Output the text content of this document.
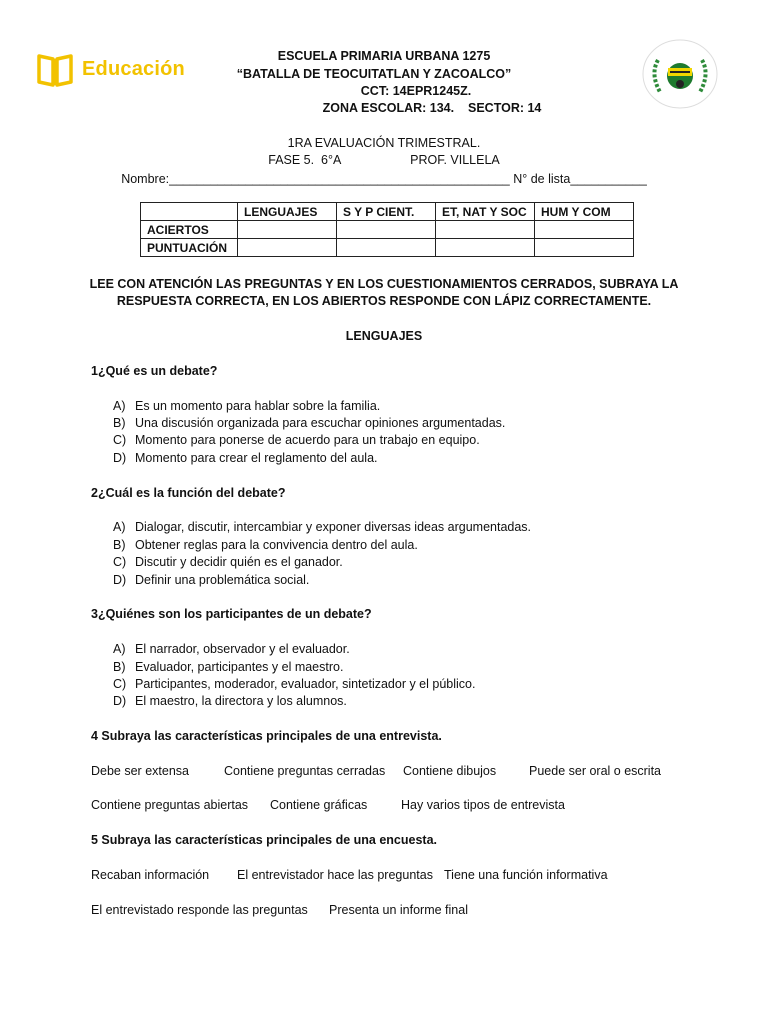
Educación
ESCUELA PRIMARIA URBANA 1275
“BATALLA DE TEOCUITATLAN Y ZACOALCO”
CCT: 14EPR1245Z.
ZONA ESCOLAR: 134.    SECTOR: 14
1RA EVALUACIÓN TRIMESTRAL.
FASE 5.  6°A                    PROF. VILLELA
Nombre:_________________________________________________ N° de lista___________
	LENGUAJES	S Y P CIENT.	ET, NAT Y SOC	HUM Y COM
ACIERTOS				
PUNTUACIÓN				
LEE CON ATENCIÓN LAS PREGUNTAS Y EN LOS CUESTIONAMIENTOS CERRADOS, SUBRAYA LA
RESPUESTA CORRECTA, EN LOS ABIERTOS RESPONDE CON LÁPIZ CORRECTAMENTE.
LENGUAJES
1¿Qué es un debate?
A) Es un momento para hablar sobre la familia.
B) Una discusión organizada para escuchar opiniones argumentadas.
C) Momento para ponerse de acuerdo para un trabajo en equipo.
D) Momento para crear el reglamento del aula.
2¿Cuál es la función del debate?
A) Dialogar, discutir, intercambiar y exponer diversas ideas argumentadas.
B) Obtener reglas para la convivencia dentro del aula.
C) Discutir y decidir quién es el ganador.
D) Definir una problemática social.
3¿Quiénes son los participantes de un debate?
A) El narrador, observador y el evaluador.
B) Evaluador, participantes y el maestro.
C) Participantes, moderador, evaluador, sintetizador y el público.
D) El maestro, la directora y los alumnos.
4 Subraya las características principales de una entrevista.
Debe ser extensa	Contiene preguntas cerradas Contiene dibujos	Puede ser oral o escrita
Contiene preguntas abiertas Contiene gráficas	Hay varios tipos de entrevista
5 Subraya las características principales de una encuesta.
Recaban información El entrevistador hace las preguntas Tiene una función informativa
El entrevistado responde las preguntas Presenta un informe final
